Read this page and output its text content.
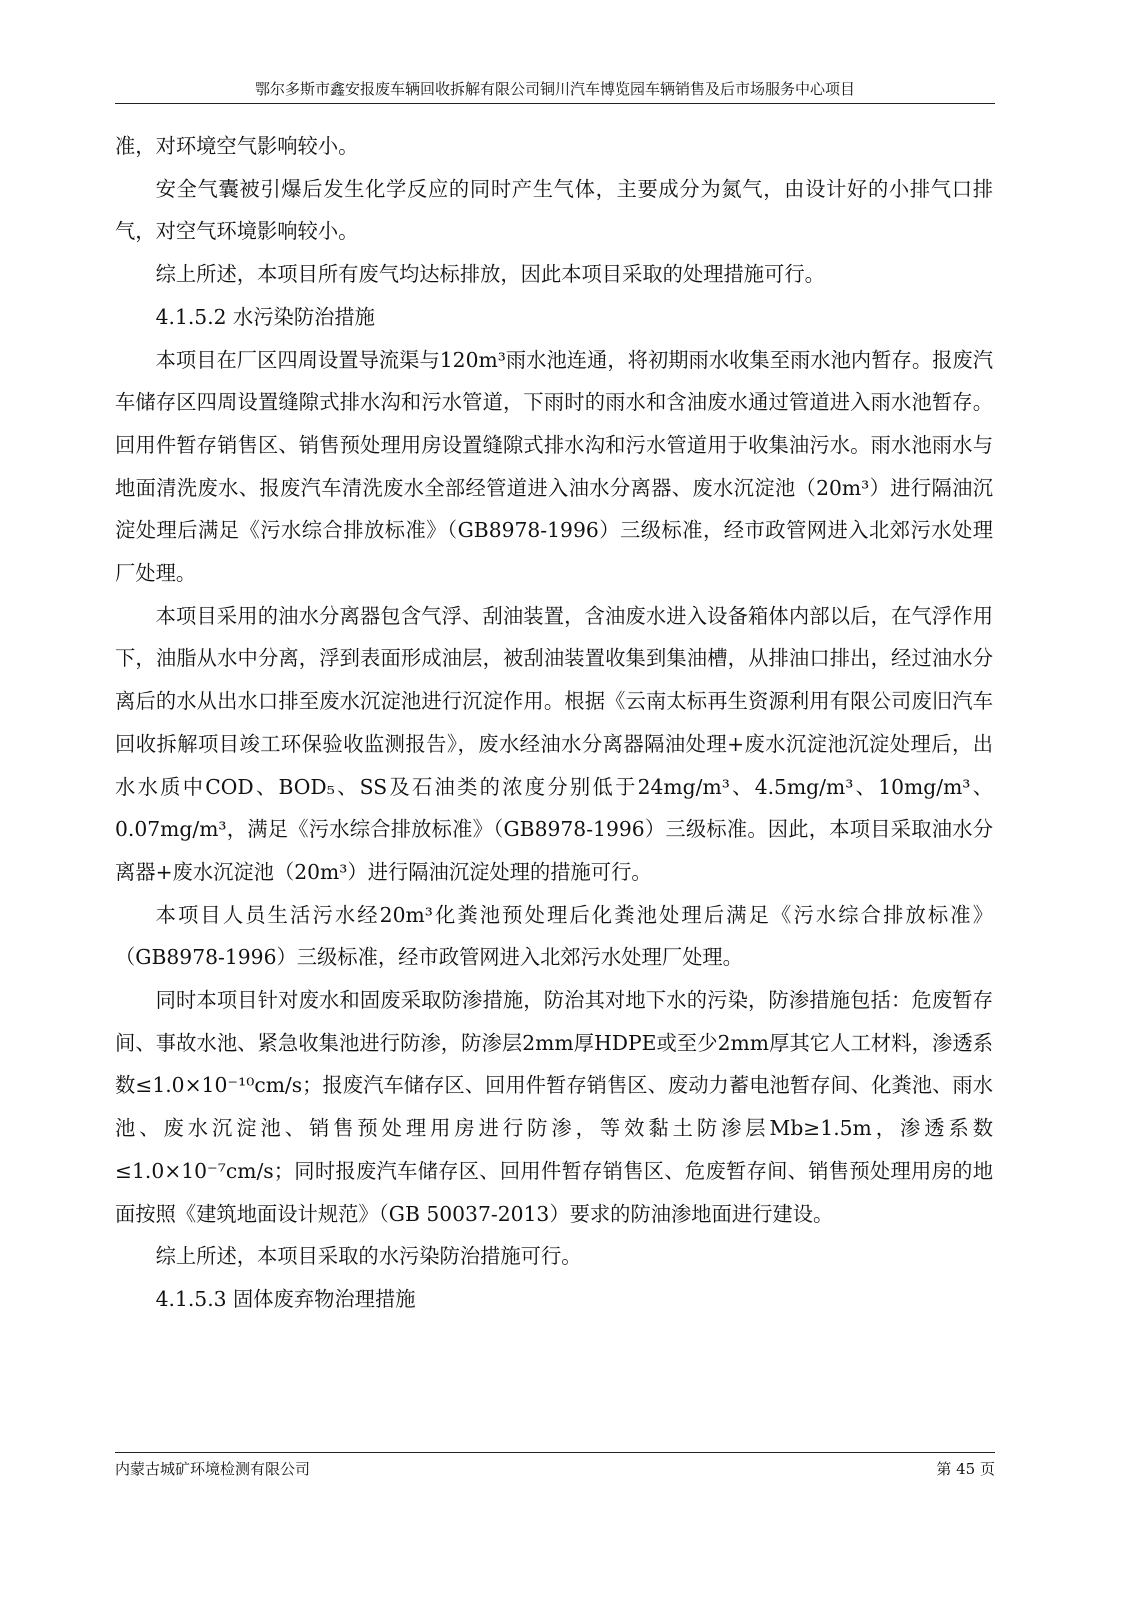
鄂尔多斯市鑫安报废车辆回收拆解有限公司铜川汽车博览园车辆销售及后市场服务中心项目

准，对环境空气影响较小。

安全气囊被引爆后发生化学反应的同时产生气体，主要成分为氮气，由设计好的小排气口排气，对空气环境影响较小。

综上所述，本项目所有废气均达标排放，因此本项目采取的处理措施可行。

4.1.5.2 水污染防治措施

本项目在厂区四周设置导流渠与120m³雨水池连通，将初期雨水收集至雨水池内暂存。报废汽车储存区四周设置缝隙式排水沟和污水管道，下雨时的雨水和含油废水通过管道进入雨水池暂存。回用件暂存销售区、销售预处理用房设置缝隙式排水沟和污水管道用于收集油污水。雨水池雨水与地面清洗废水、报废汽车清洗废水全部经管道进入油水分离器、废水沉淀池（20m³）进行隔油沉淀处理后满足《污水综合排放标准》（GB8978-1996）三级标准，经市政管网进入北郊污水处理厂处理。

本项目采用的油水分离器包含气浮、刮油装置，含油废水进入设备箱体内部以后，在气浮作用下，油脂从水中分离，浮到表面形成油层，被刮油装置收集到集油槽，从排油口排出，经过油水分离后的水从出水口排至废水沉淀池进行沉淀作用。根据《云南太标再生资源利用有限公司废旧汽车回收拆解项目竣工环保验收监测报告》，废水经油水分离器隔油处理+废水沉淀池沉淀处理后，出水水质中COD、BOD₅、SS及石油类的浓度分别低于24mg/m³、4.5mg/m³、10mg/m³、0.07mg/m³，满足《污水综合排放标准》（GB8978-1996）三级标准。因此，本项目采取油水分离器+废水沉淀池（20m³）进行隔油沉淀处理的措施可行。

本项目人员生活污水经20m³化粪池预处理后化粪池处理后满足《污水综合排放标准》（GB8978-1996）三级标准，经市政管网进入北郊污水处理厂处理。

同时本项目针对废水和固废采取防渗措施，防治其对地下水的污染，防渗措施包括：危废暂存间、事故水池、紧急收集池进行防渗，防渗层2mm厚HDPE或至少2mm厚其它人工材料，渗透系数≤1.0×10⁻¹⁰cm/s；报废汽车储存区、回用件暂存销售区、废动力蓄电池暂存间、化粪池、雨水池、废水沉淀池、销售预处理用房进行防渗，等效黏土防渗层Mb≥1.5m，渗透系数≤1.0×10⁻⁷cm/s；同时报废汽车储存区、回用件暂存销售区、危废暂存间、销售预处理用房的地面按照《建筑地面设计规范》（GB 50037-2013）要求的防油渗地面进行建设。

综上所述，本项目采取的水污染防治措施可行。

4.1.5.3 固体废弃物治理措施

内蒙古城矿环境检测有限公司	第 45 页
